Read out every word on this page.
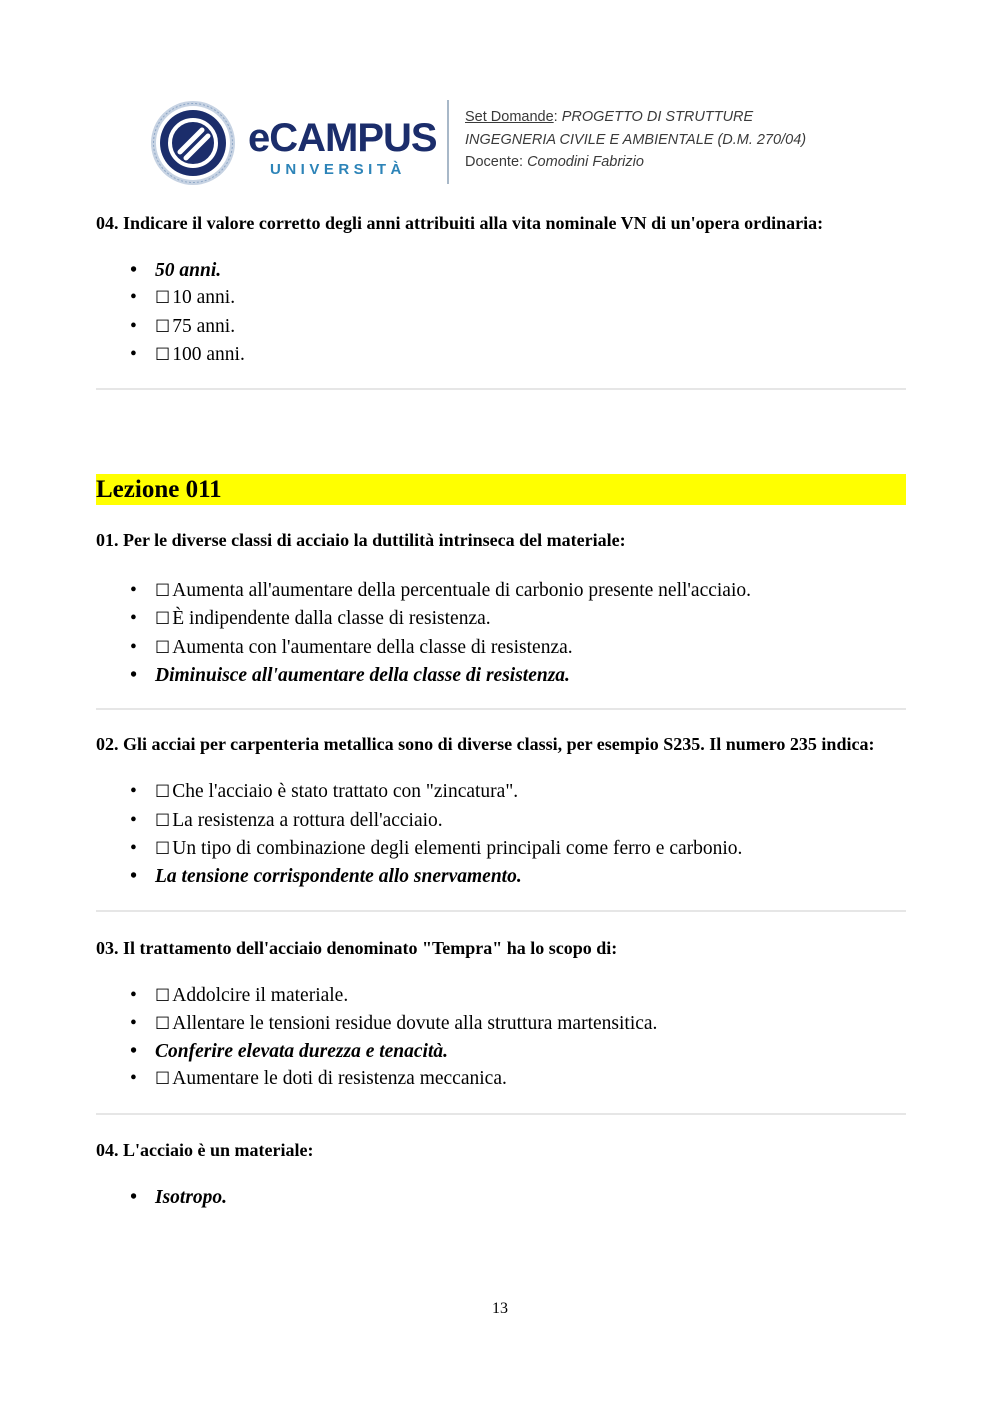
eCAMPUS
UNIVERSITÀ
Set Domande: PROGETTO DI STRUTTURE
INGEGNERIA CIVILE E AMBIENTALE (D.M. 270/04)
Docente: Comodini Fabrizio

04. Indicare il valore corretto degli anni attribuiti alla vita nominale VN di un'opera ordinaria:

• 50 anni.
• ☐ 10 anni.
• ☐ 75 anni.
• ☐ 100 anni.
Lezione 011

01. Per le diverse classi di acciaio la duttilità intrinseca del materiale:

• ☐ Aumenta all'aumentare della percentuale di carbonio presente nell'acciaio.
• ☐ È indipendente dalla classe di resistenza.
• ☐ Aumenta con l'aumentare della classe di resistenza.
• Diminuisce all'aumentare della classe di resistenza.

02. Gli acciai per carpenteria metallica sono di diverse classi, per esempio S235. Il numero 235 indica:

• ☐ Che l'acciaio è stato trattato con "zincatura".
• ☐ La resistenza a rottura dell'acciaio.
• ☐ Un tipo di combinazione degli elementi principali come ferro e carbonio.
• La tensione corrispondente allo snervamento.

03. Il trattamento dell'acciaio denominato "Tempra" ha lo scopo di:

• ☐ Addolcire il materiale.
• ☐ Allentare le tensioni residue dovute alla struttura martensitica.
• Conferire elevata durezza e tenacità.
• ☐ Aumentare le doti di resistenza meccanica.

04. L'acciaio è un materiale:

• Isotropo.
13
